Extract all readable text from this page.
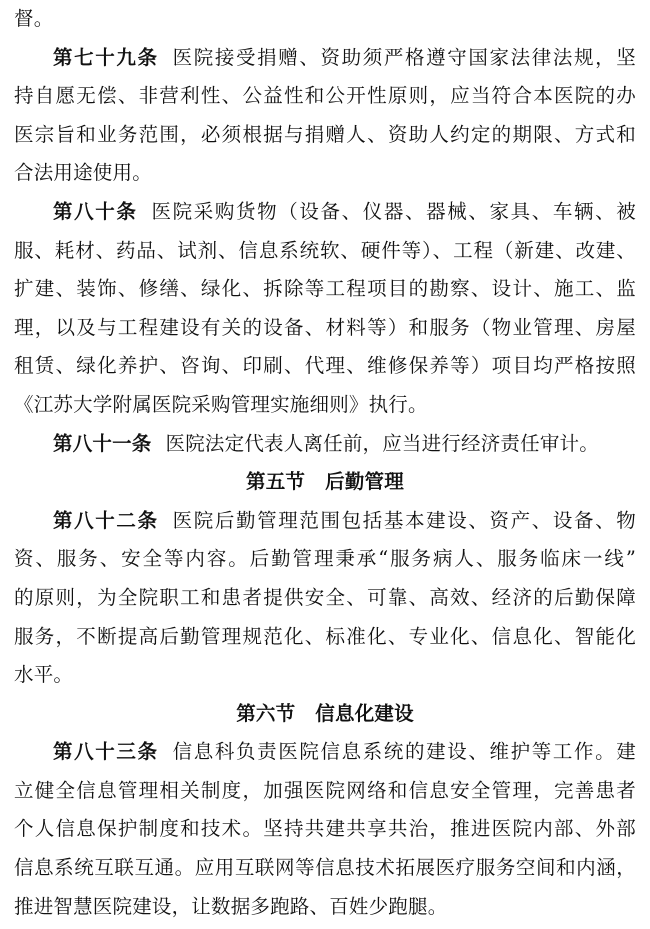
督。
第七十九条 医院接受捐赠、资助须严格遵守国家法律法规，坚
持自愿无偿、非营利性、公益性和公开性原则，应当符合本医院的办
医宗旨和业务范围，必须根据与捐赠人、资助人约定的期限、方式和
合法用途使用。
第八十条 医院采购货物（设备、仪器、器械、家具、车辆、被
服、耗材、药品、试剂、信息系统软、硬件等）、工程（新建、改建、
扩建、装饰、修缮、绿化、拆除等工程项目的勘察、设计、施工、监
理，以及与工程建设有关的设备、材料等）和服务（物业管理、房屋
租赁、绿化养护、咨询、印刷、代理、维修保养等）项目均严格按照
《江苏大学附属医院采购管理实施细则》执行。
第八十一条 医院法定代表人离任前，应当进行经济责任审计。
第五节 后勤管理
第八十二条 医院后勤管理范围包括基本建设、资产、设备、物
资、服务、安全等内容。后勤管理秉承“服务病人、服务临床一线”
的原则，为全院职工和患者提供安全、可靠、高效、经济的后勤保障
服务，不断提高后勤管理规范化、标准化、专业化、信息化、智能化
水平。
第六节 信息化建设
第八十三条 信息科负责医院信息系统的建设、维护等工作。建
立健全信息管理相关制度，加强医院网络和信息安全管理，完善患者
个人信息保护制度和技术。坚持共建共享共治，推进医院内部、外部
信息系统互联互通。应用互联网等信息技术拓展医疗服务空间和内涵，
推进智慧医院建设，让数据多跑路、百姓少跑腿。
